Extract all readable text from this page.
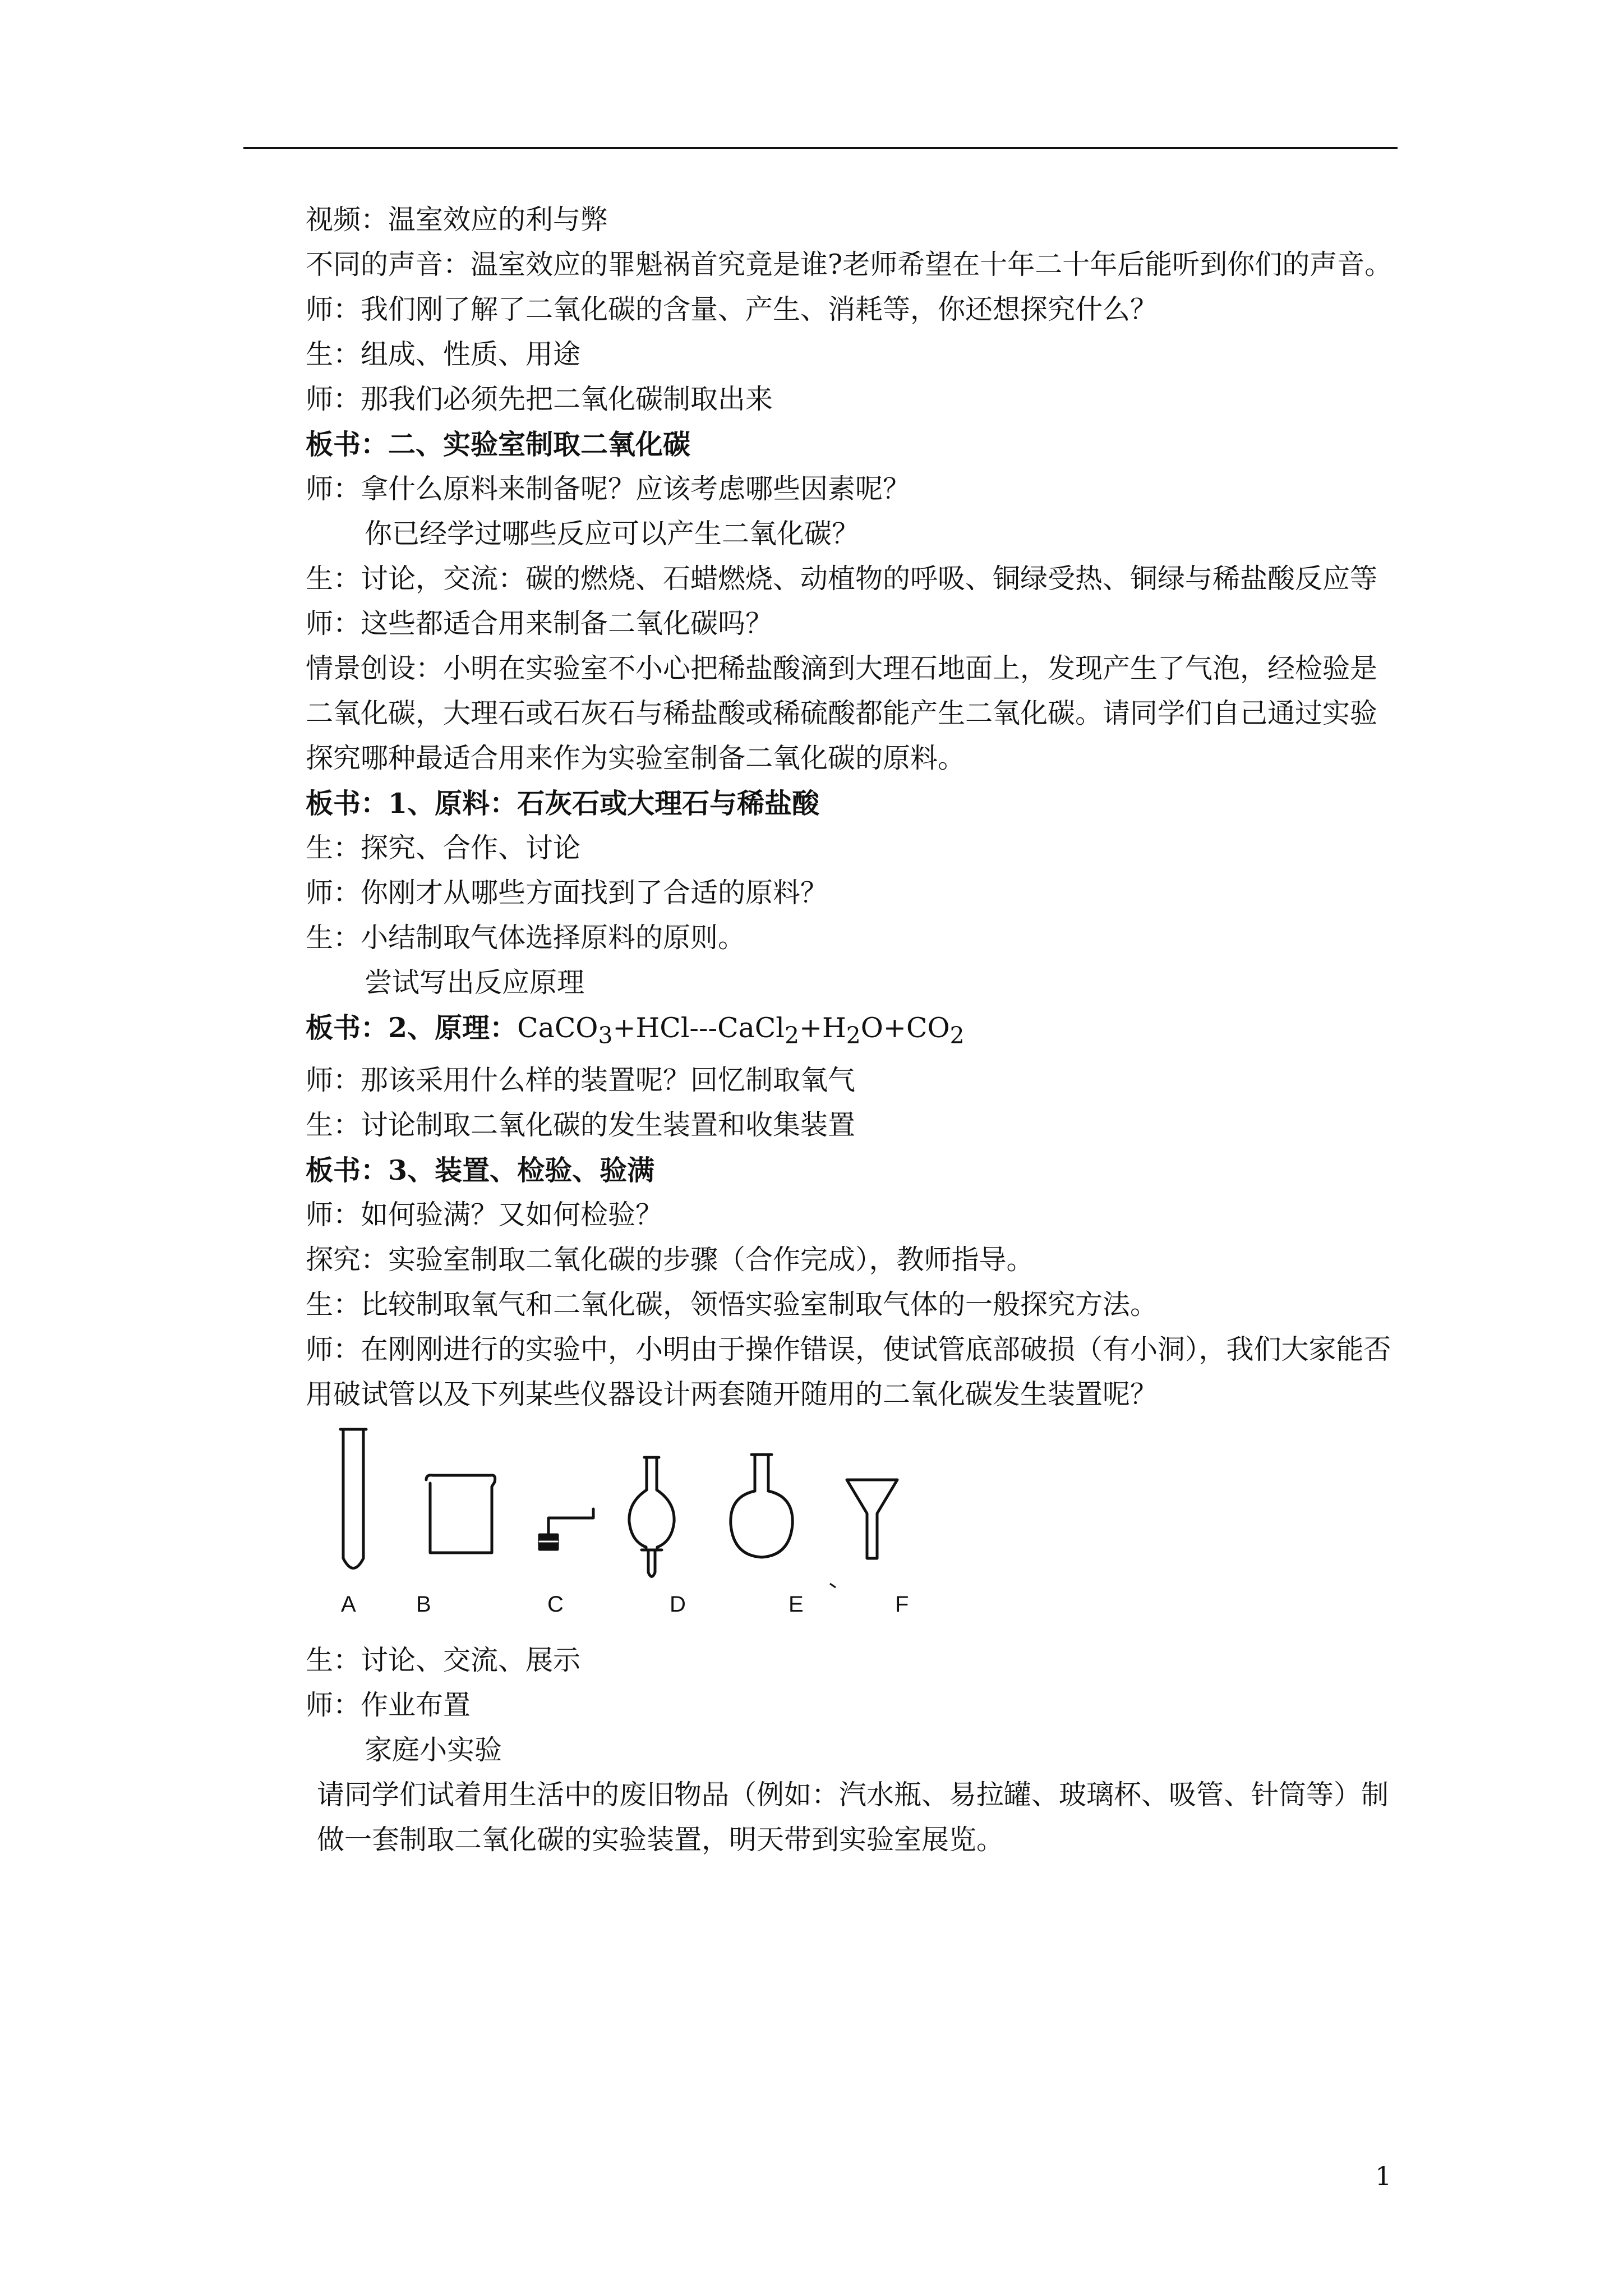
视频：温室效应的利与弊
不同的声音：温室效应的罪魁祸首究竟是谁?老师希望在十年二十年后能听到你们的声音。
师：我们刚了解了二氧化碳的含量、产生、消耗等，你还想探究什么？
生：组成、性质、用途
师：那我们必须先把二氧化碳制取出来
板书：二、实验室制取二氧化碳
师：拿什么原料来制备呢？应该考虑哪些因素呢？
你已经学过哪些反应可以产生二氧化碳？
生：讨论，交流：碳的燃烧、石蜡燃烧、动植物的呼吸、铜绿受热、铜绿与稀盐酸反应等
师：这些都适合用来制备二氧化碳吗？
情景创设：小明在实验室不小心把稀盐酸滴到大理石地面上，发现产生了气泡，经检验是二氧化碳，大理石或石灰石与稀盐酸或稀硫酸都能产生二氧化碳。请同学们自己通过实验探究哪种最适合用来作为实验室制备二氧化碳的原料。
板书：1、原料：石灰石或大理石与稀盐酸
生：探究、合作、讨论
师：你刚才从哪些方面找到了合适的原料？
生：小结制取气体选择原料的原则。
尝试写出反应原理
板书：2、原理：$CaCO_3+HCl---CaCl_2+H_2O+CO_2$
师：那该采用什么样的装置呢？回忆制取氧气
生：讨论制取二氧化碳的发生装置和收集装置
板书：3、装置、检验、验满
师：如何验满？又如何检验？
探究：实验室制取二氧化碳的步骤（合作完成），教师指导。
生：比较制取氧气和二氧化碳，领悟实验室制取气体的一般探究方法。
师：在刚刚进行的实验中，小明由于操作错误，使试管底部破损（有小洞），我们大家能否用破试管以及下列某些仪器设计两套随开随用的二氧化碳发生装置呢？
A	B	C	D	E	F
生：讨论、交流、展示
师：作业布置
家庭小实验
请同学们试着用生活中的废旧物品（例如：汽水瓶、易拉罐、玻璃杯、吸管、针筒等）制做一套制取二氧化碳的实验装置，明天带到实验室展览。
1
